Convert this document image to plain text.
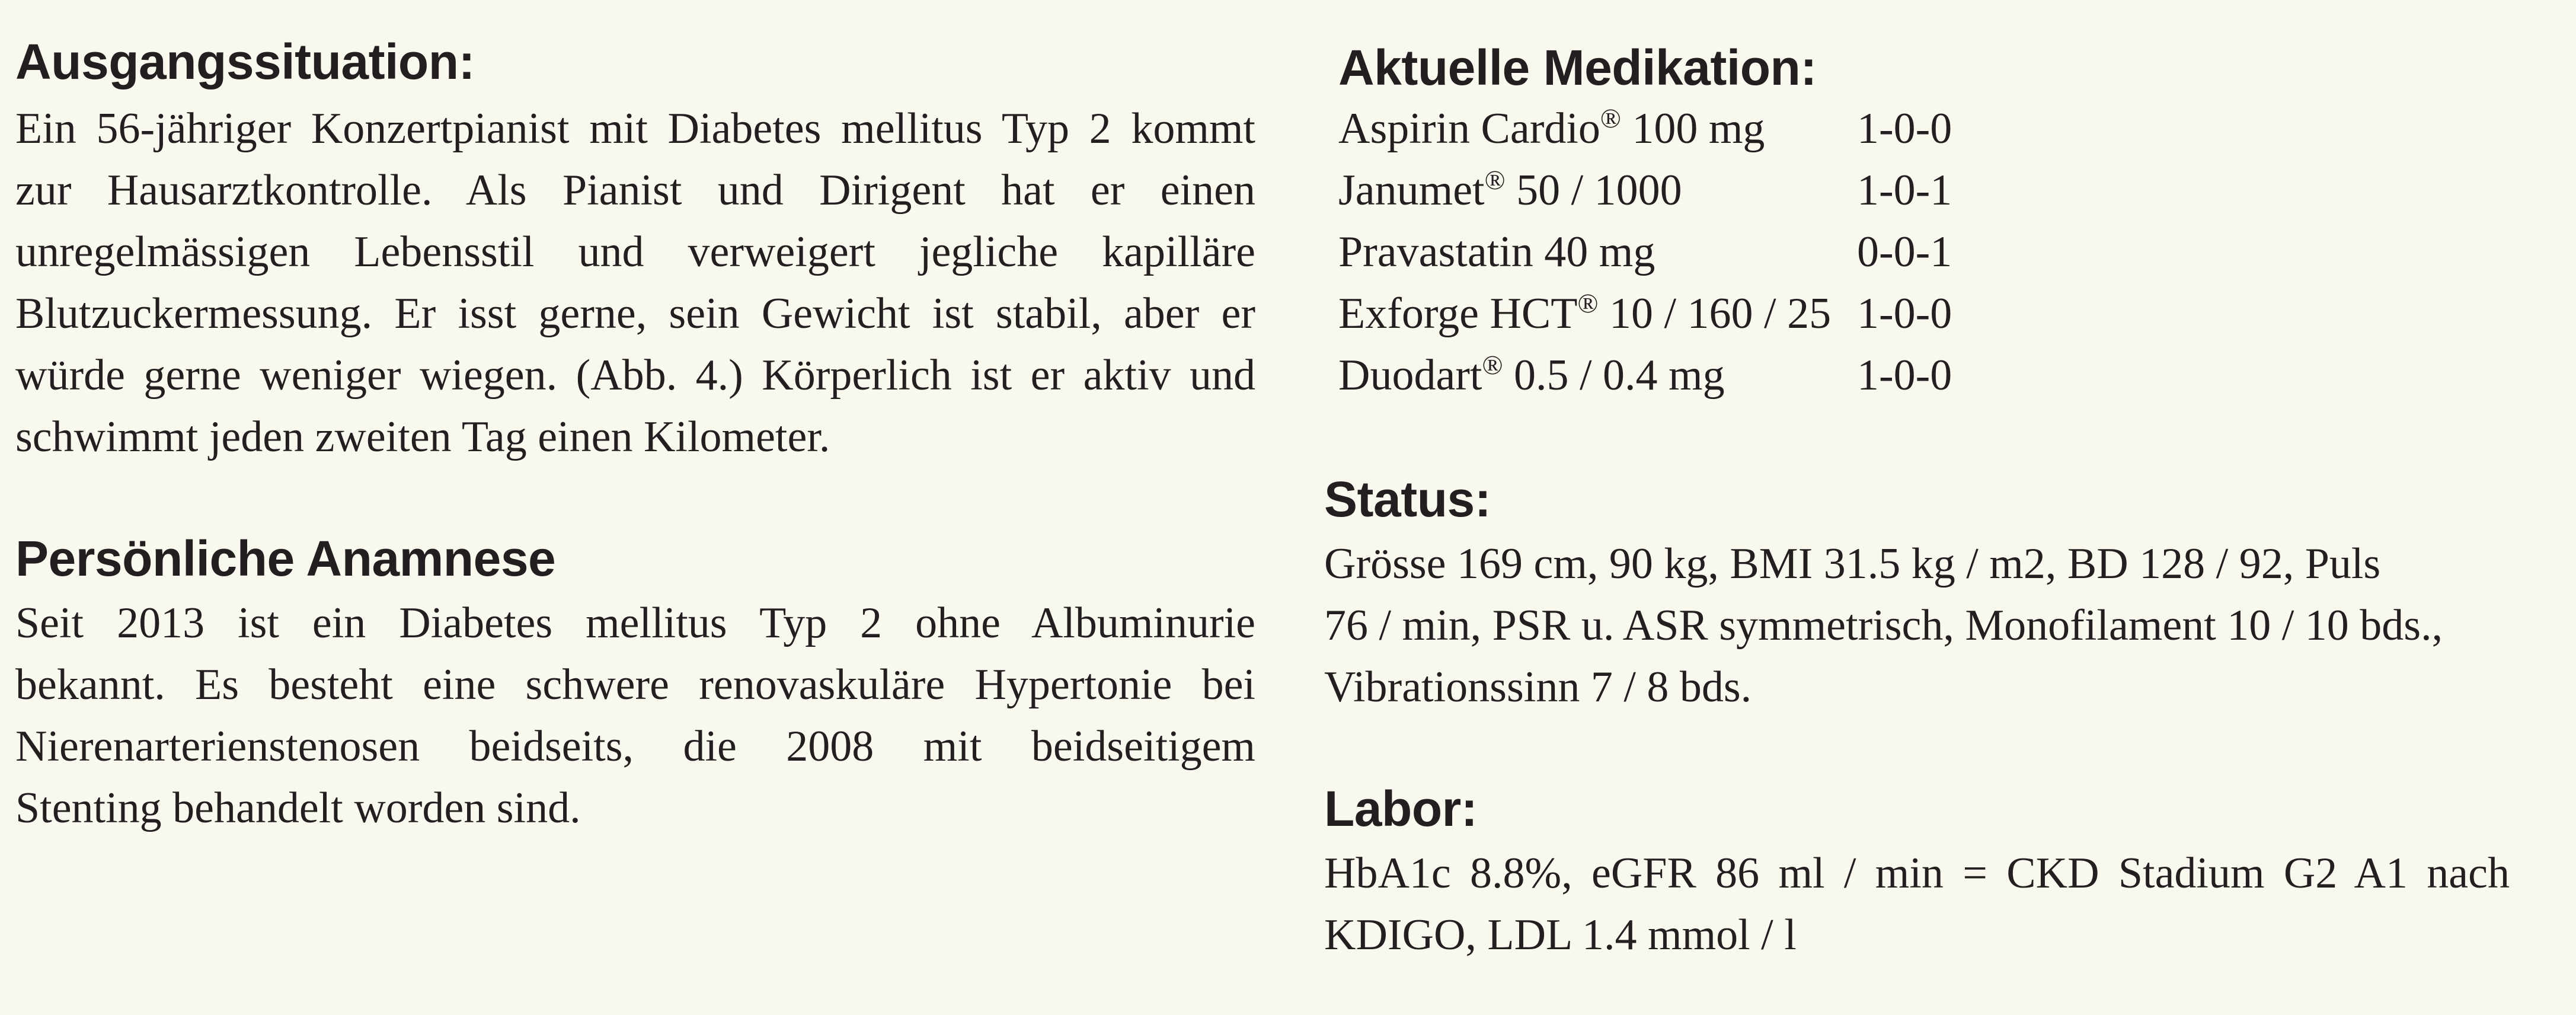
Ausgangssituation:
Ein 56-jähriger Konzertpianist mit Diabetes mellitus Typ 2 kommt
zur Hausarztkontrolle. Als Pianist und Dirigent hat er einen
unregelmässigen Lebensstil und verweigert jegliche kapilläre
Blutzuckermessung. Er isst gerne, sein Gewicht ist stabil, aber er
würde gerne weniger wiegen. (Abb. 4.) Körperlich ist er aktiv und
schwimmt jeden zweiten Tag einen Kilometer.
Persönliche Anamnese
Seit 2013 ist ein Diabetes mellitus Typ 2 ohne Albuminurie
bekannt. Es besteht eine schwere renovaskuläre Hypertonie bei
Nierenarterienstenosen beidseits, die 2008 mit beidseitigem
Stenting behandelt worden sind.
Aktuelle Medikation:
Aspirin Cardio® 100 mg 1-0-0
Janumet® 50 / 1000	1-0-1
Pravastatin 40 mg	0-0-1
Exforge HCT® 10 / 160 / 25 1-0-0
Duodart® 0.5 / 0.4 mg	1-0-0
Status:
Grösse 169 cm, 90 kg, BMI 31.5 kg / m2, BD 128 / 92, Puls
76 / min, PSR u. ASR symmetrisch, Monofilament 10 / 10 bds.,
Vibrationssinn 7 / 8 bds.
Labor:
HbA1c 8.8%, eGFR 86 ml / min = CKD Stadium G2 A1 nach
KDIGO, LDL 1.4 mmol / l
